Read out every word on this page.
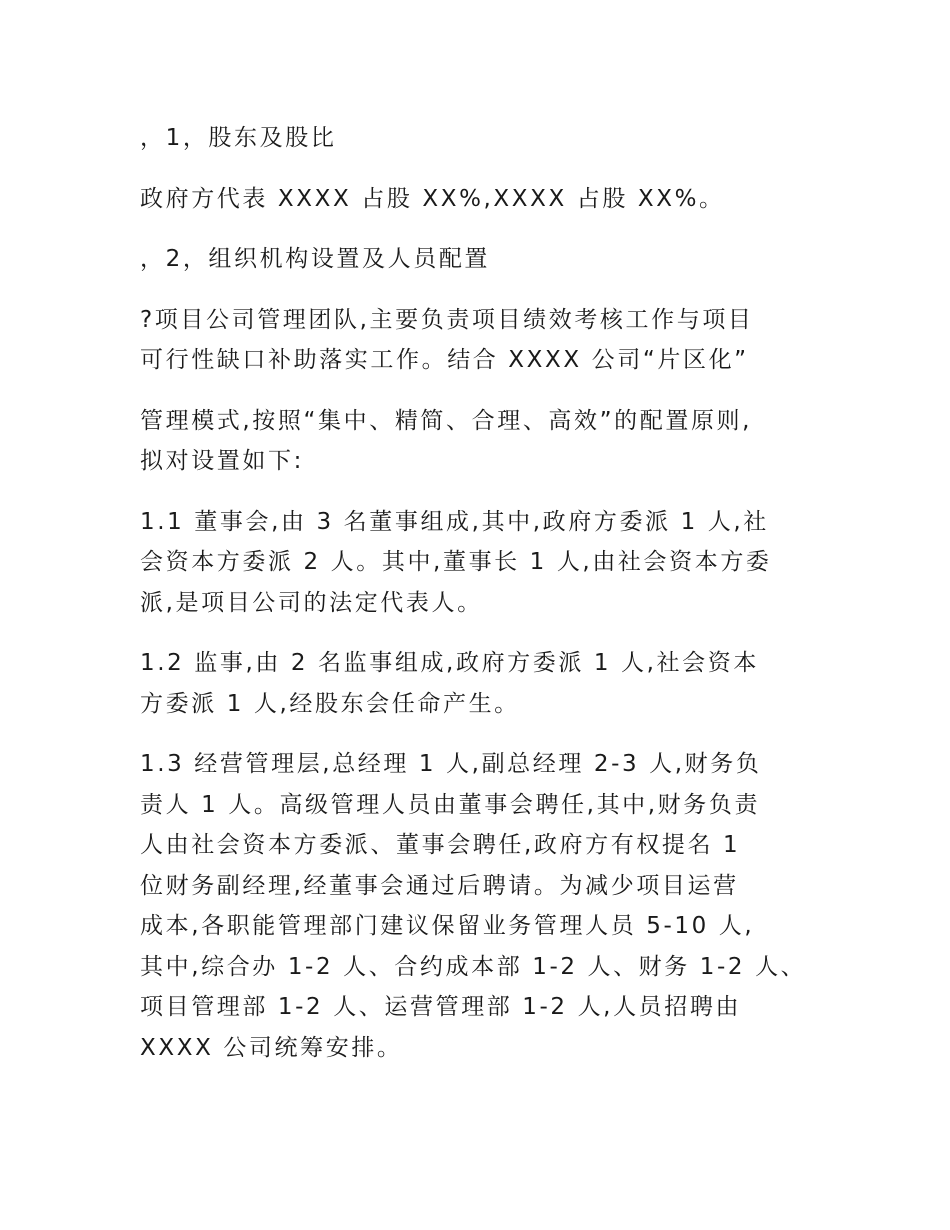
，1，股东及股比

政府方代表 XXXX 占股 XX%,XXXX 占股 XX%。

，2，组织机构设置及人员配置

?项目公司管理团队,主要负责项目绩效考核工作与项目
可行性缺口补助落实工作。结合 XXXX 公司“片区化”

管理模式,按照“集中、精简、合理、高效”的配置原则,
拟对设置如下:

1.1 董事会,由 3 名董事组成,其中,政府方委派 1 人,社
会资本方委派 2 人。其中,董事长 1 人,由社会资本方委
派,是项目公司的法定代表人。

1.2 监事,由 2 名监事组成,政府方委派 1 人,社会资本
方委派 1 人,经股东会任命产生。

1.3 经营管理层,总经理 1 人,副总经理 2-3 人,财务负
责人 1 人。高级管理人员由董事会聘任,其中,财务负责
人由社会资本方委派、董事会聘任,政府方有权提名 1
位财务副经理,经董事会通过后聘请。为减少项目运营
成本,各职能管理部门建议保留业务管理人员 5-10 人,
其中,综合办 1-2 人、合约成本部 1-2 人、财务 1-2 人、
项目管理部 1-2 人、运营管理部 1-2 人,人员招聘由
XXXX 公司统筹安排。
